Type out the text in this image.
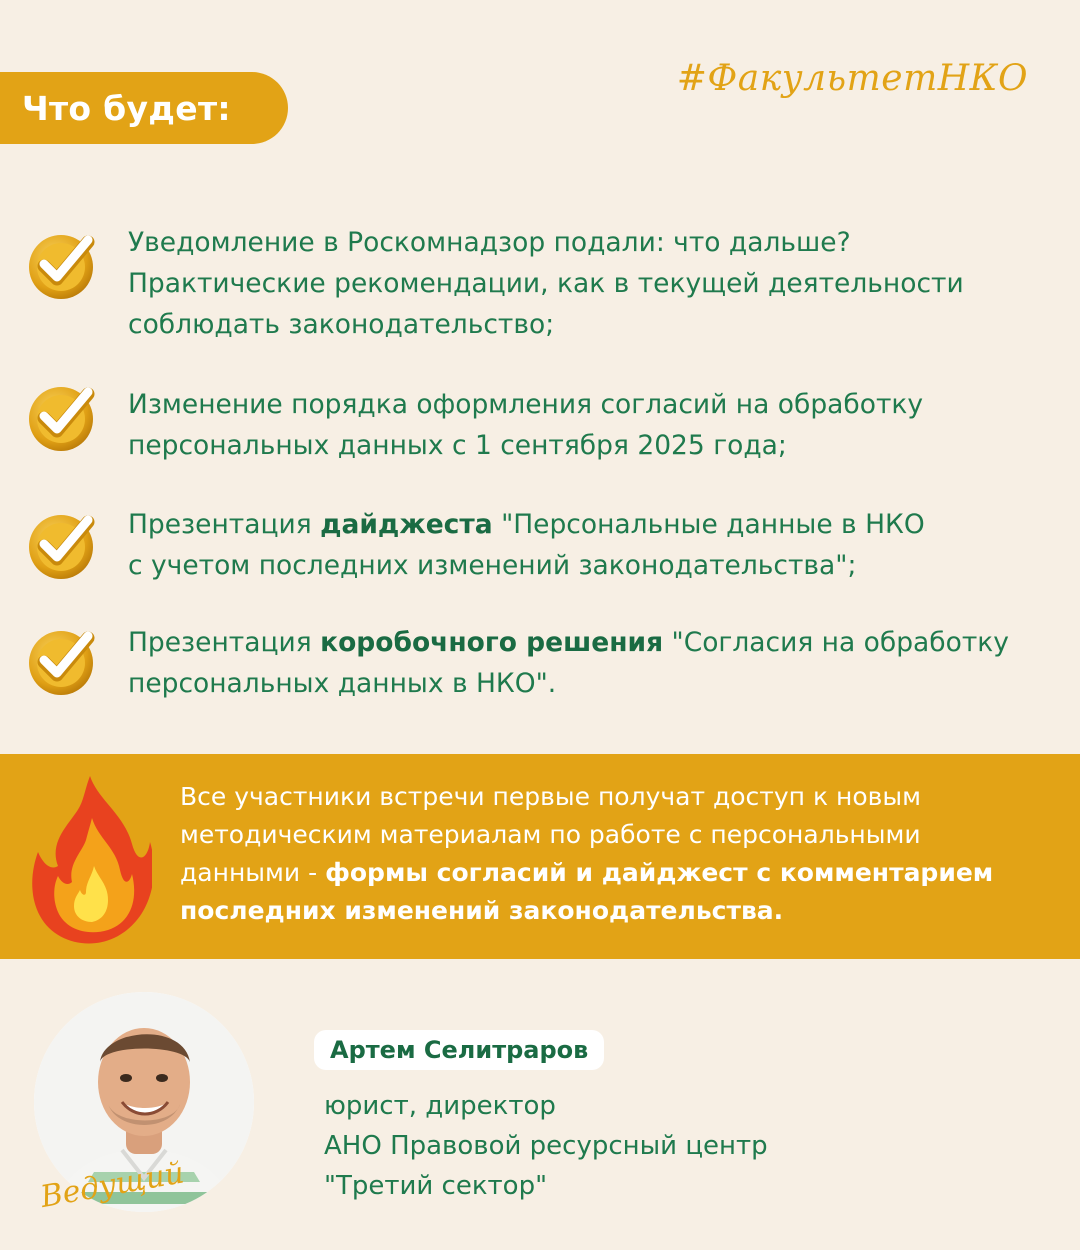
Что будет:
#ФакультетНКО
Уведомление в Роскомнадзор подали: что дальше?
Практические рекомендации, как в текущей деятельности
соблюдать законодательство;
Изменение порядка оформления согласий на обработку
персональных данных с 1 сентября 2025 года;
Презентация дайджеста "Персональные данные в НКО
с учетом последних изменений законодательства";
Презентация коробочного решения "Согласия на обработку
персональных данных в НКО".
Все участники встречи первые получат доступ к новым
методическим материалам по работе с персональными
данными - формы согласий и дайджест с комментарием
последних изменений законодательства.
Ведущий
Артем Селитраров
юрист, директор
АНО Правовой ресурсный центр
"Третий сектор"
